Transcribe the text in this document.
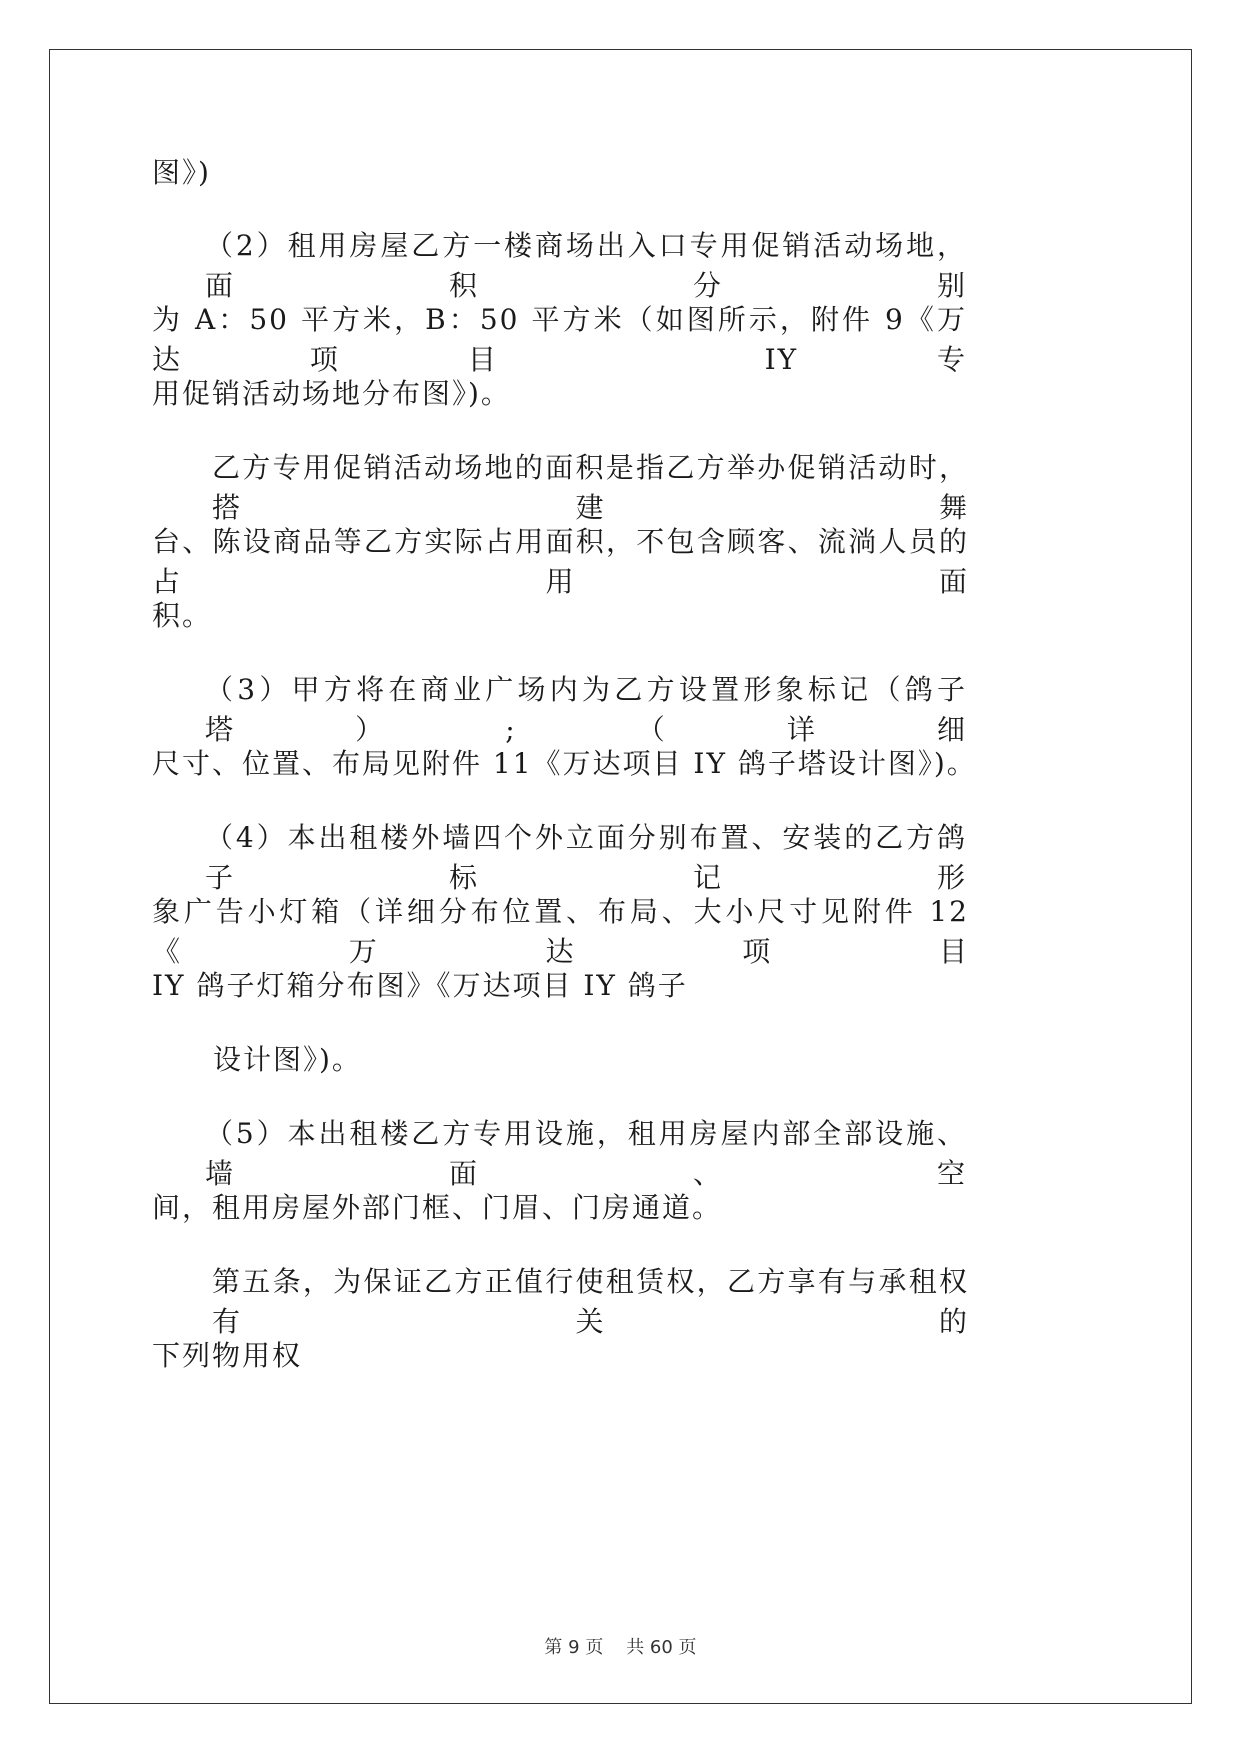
图》)
（2）租用房屋乙方一楼商场出入口专用促销活动场地，面积分别
为 A：50 平方米，B：50 平方米（如图所示，附件 9《万达项目 IY 专
用促销活动场地分布图》)。
乙方专用促销活动场地的面积是指乙方举办促销活动时，搭建舞
台、陈设商品等乙方实际占用面积，不包含顾客、流淌人员的占用面
积。
（3）甲方将在商业广场内为乙方设置形象标记（鸽子塔）;（详细
尺寸、位置、布局见附件 11《万达项目 IY 鸽子塔设计图》)。
（4）本出租楼外墙四个外立面分别布置、安装的乙方鸽子标记形
象广告小灯箱（详细分布位置、布局、大小尺寸见附件 12《万达项目
IY 鸽子灯箱分布图》《万达项目 IY 鸽子
设计图》)。
（5）本出租楼乙方专用设施，租用房屋内部全部设施、墙面、空
间，租用房屋外部门框、门眉、门房通道。
第五条，为保证乙方正值行使租赁权，乙方享有与承租权有关的
下列物用权
第 9 页    共 60 页
